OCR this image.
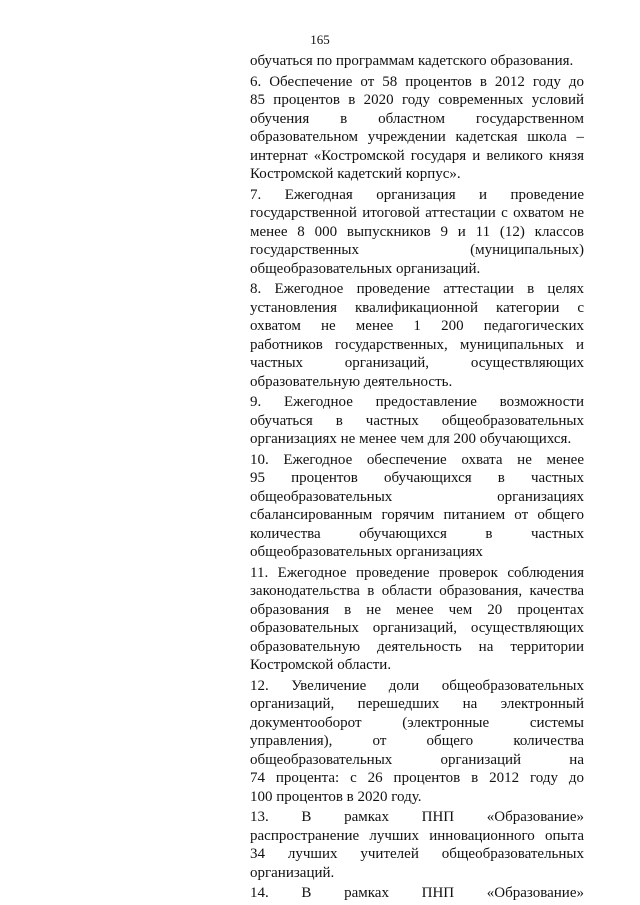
165
обучаться по программам кадетского образования.
6. Обеспечение от 58 процентов в 2012 году до
85 процентов в 2020 году современных условий
обучения в областном государственном
образовательном учреждении кадетская школа –
интернат «Костромской государя и великого князя
Костромской кадетский корпус».
7. Ежегодная организация и проведение
государственной итоговой аттестации с охватом не
менее 8 000 выпускников 9 и 11 (12) классов
государственных (муниципальных)
общеобразовательных организаций.
8. Ежегодное проведение аттестации в целях
установления квалификационной категории с
охватом не менее 1 200 педагогических
работников государственных, муниципальных и
частных организаций, осуществляющих
образовательную деятельность.
9. Ежегодное предоставление возможности
обучаться в частных общеобразовательных
организациях не менее чем для 200 обучающихся.
10. Ежегодное обеспечение охвата не менее
95 процентов обучающихся в частных
общеобразовательных организациях
сбалансированным горячим питанием от общего
количества обучающихся в частных
общеобразовательных организациях
11. Ежегодное проведение проверок соблюдения
законодательства в области образования, качества
образования в не менее чем 20 процентах
образовательных организаций, осуществляющих
образовательную деятельность на территории
Костромской области.
12. Увеличение доли общеобразовательных
организаций, перешедших на электронный
документооборот (электронные системы
управления), от общего количества
общеобразовательных организаций на
74 процента: с 26 процентов в 2012 году до
100 процентов в 2020 году.
13. В рамках ПНП «Образование»
распространение лучших инновационного опыта
34 лучших учителей общеобразовательных
организаций.
14. В рамках ПНП «Образование»
